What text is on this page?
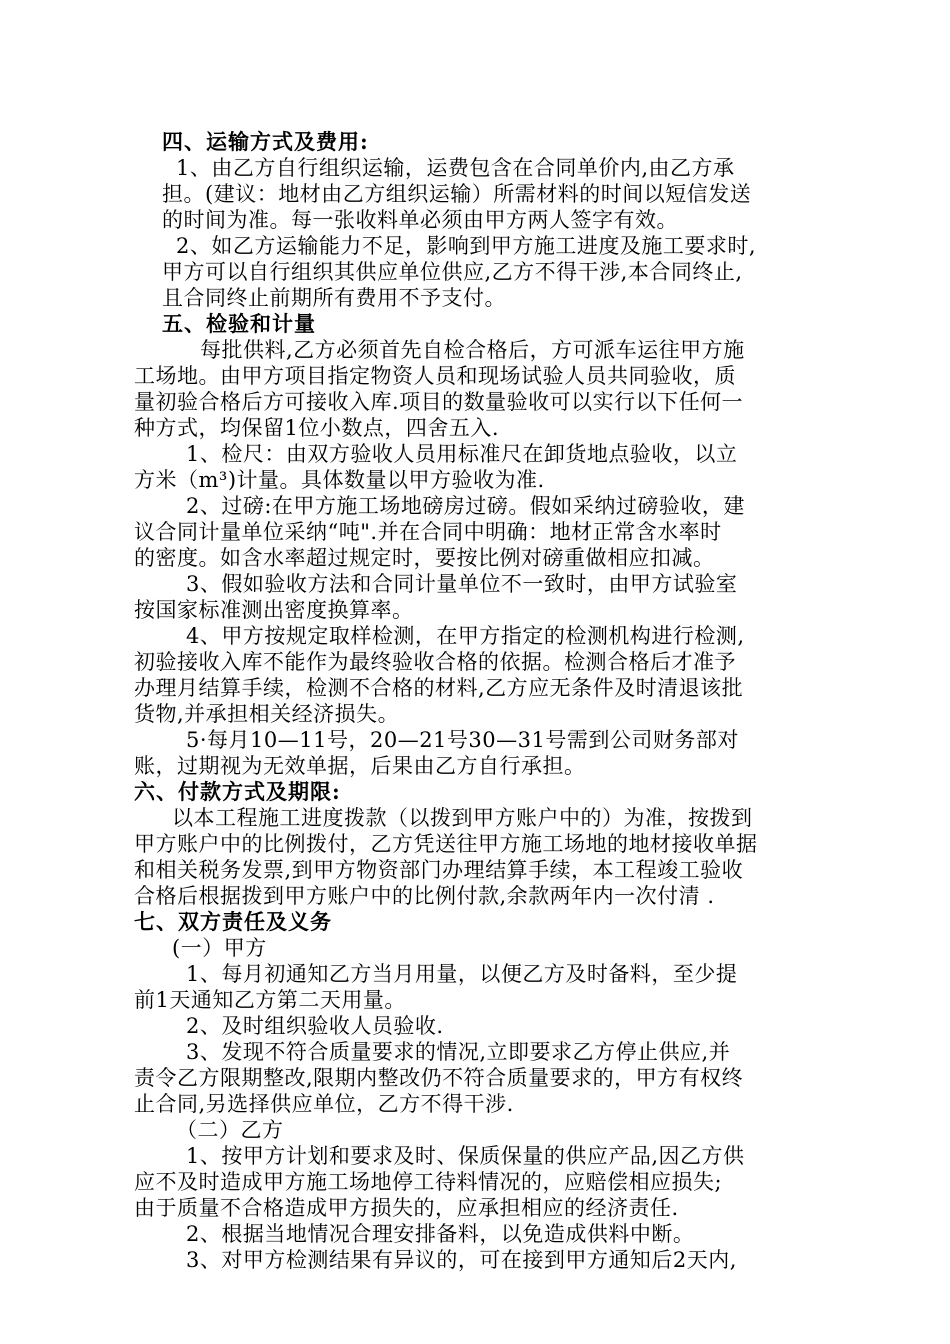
四、运输方式及费用:
1、由乙方自行组织运输，运费包含在合同单价内,由乙方承
担。(建议：地材由乙方组织运输）所需材料的时间以短信发送
的时间为准。每一张收料单必须由甲方两人签字有效。
2、如乙方运输能力不足，影响到甲方施工进度及施工要求时,
甲方可以自行组织其供应单位供应,乙方不得干涉,本合同终止,
且合同终止前期所有费用不予支付。
五、检验和计量
每批供料,乙方必须首先自检合格后，方可派车运往甲方施
工场地。由甲方项目指定物资人员和现场试验人员共同验收，质
量初验合格后方可接收入库.项目的数量验收可以实行以下任何一
种方式，均保留1位小数点，四舍五入.
1、检尺：由双方验收人员用标准尺在卸货地点验收，以立
方米（m³)计量。具体数量以甲方验收为准.
2、过磅:在甲方施工场地磅房过磅。假如采纳过磅验收，建
议合同计量单位采纳“吨".并在合同中明确：地材正常含水率时
的密度。如含水率超过规定时，要按比例对磅重做相应扣减。
3、假如验收方法和合同计量单位不一致时，由甲方试验室
按国家标准测出密度换算率。
4、甲方按规定取样检测，在甲方指定的检测机构进行检测,
初验接收入库不能作为最终验收合格的依据。检测合格后才准予
办理月结算手续，检测不合格的材料,乙方应无条件及时清退该批
货物,并承担相关经济损失。
5·每月10—11号，20—21号30—31号需到公司财务部对
账，过期视为无效单据，后果由乙方自行承担。
六、付款方式及期限:
以本工程施工进度拨款（以拨到甲方账户中的）为准，按拨到
甲方账户中的比例拨付，乙方凭送往甲方施工场地的地材接收单据
和相关税务发票,到甲方物资部门办理结算手续，本工程竣工验收
合格后根据拨到甲方账户中的比例付款,余款两年内一次付清 .
七、双方责任及义务
(一）甲方
1、每月初通知乙方当月用量，以便乙方及时备料，至少提
前1天通知乙方第二天用量。
2、及时组织验收人员验收.
3、发现不符合质量要求的情况,立即要求乙方停止供应,并
责令乙方限期整改,限期内整改仍不符合质量要求的，甲方有权终
止合同,另选择供应单位，乙方不得干涉.
（二）乙方
1、按甲方计划和要求及时、保质保量的供应产品,因乙方供
应不及时造成甲方施工场地停工待料情况的，应赔偿相应损失;
由于质量不合格造成甲方损失的，应承担相应的经济责任.
2、根据当地情况合理安排备料，以免造成供料中断。
3、对甲方检测结果有异议的，可在接到甲方通知后2天内,
